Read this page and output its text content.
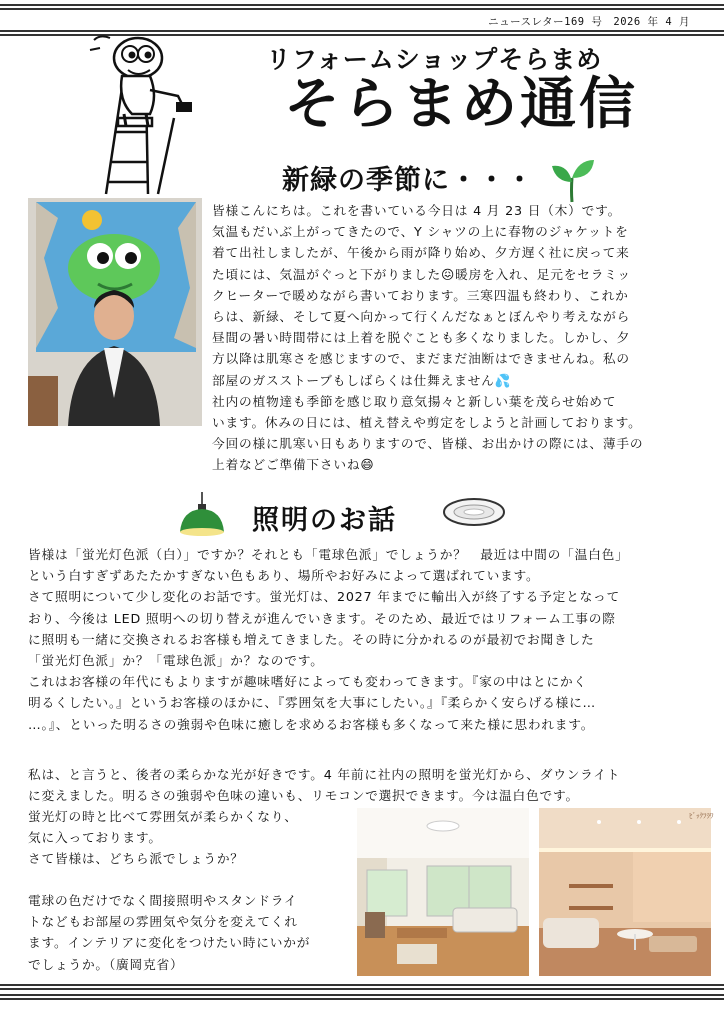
ニュースレター169 号　2026 年 4 月
リフォームショップそらまめ
そらまめ通信
新緑の季節に・・・
皆様こんにちは。これを書いている今日は 4 月 23 日（木）です。
気温もだいぶ上がってきたので、Y シャツの上に春物のジャケットを
着て出社しましたが、午後から雨が降り始め、夕方遅く社に戻って来
た頃には、気温がぐっと下がりました😖暖房を入れ、足元をセラミッ
クヒーターで暖めながら書いております。三寒四温も終わり、これか
らは、新緑、そして夏へ向かって行くんだなぁとぼんやり考えながら
昼間の暑い時間帯には上着を脱ぐことも多くなりました。しかし、夕
方以降は肌寒さを感じますので、まだまだ油断はできませんね。私の
部屋のガスストーブもしばらくは仕舞えません💦
社内の植物達も季節を感じ取り意気揚々と新しい葉を茂らせ始めて
います。休みの日には、植え替えや剪定をしようと計画しております。
今回の様に肌寒い日もありますので、皆様、お出かけの際には、薄手の
上着などご準備下さいね😄
照明のお話
皆様は「蛍光灯色派（白）」ですか？それとも「電球色派」でしょうか？　最近は中間の「温白色」
という白すぎずあたたかすぎない色もあり、場所やお好みによって選ばれています。
さて照明について少し変化のお話です。蛍光灯は、2027 年までに輸出入が終了する予定となって
おり、今後は LED 照明への切り替えが進んでいきます。そのため、最近ではリフォーム工事の際
に照明も一緒に交換されるお客様も増えてきました。その時に分かれるのが最初でお聞きした
「蛍光灯色派」か？「電球色派」か？なのです。
これはお客様の年代にもよりますが趣味嗜好によっても変わってきます。『家の中はとにかく
明るくしたい。』というお客様のほかに、『雰囲気を大事にしたい。』『柔らかく安らげる様に…
…。』、といった明るさの強弱や色味に癒しを求めるお客様も多くなって来た様に思われます。
私は、と言うと、後者の柔らかな光が好きです。4 年前に社内の照明を蛍光灯から、ダウンライト
に変えました。明るさの強弱や色味の違いも、リモコンで選択できます。今は温白色です。
蛍光灯の時と比べて雰囲気が柔らかくなり、
気に入っております。
さて皆様は、どちら派でしょうか？
電球の色だけでなく間接照明やスタンドライ
トなどもお部屋の雰囲気や気分を変えてくれ
ます。インテリアに変化をつけたい時にいかが
でしょうか。（廣岡克省）
ﾋﾞｯｸﾌﾗﾜ
